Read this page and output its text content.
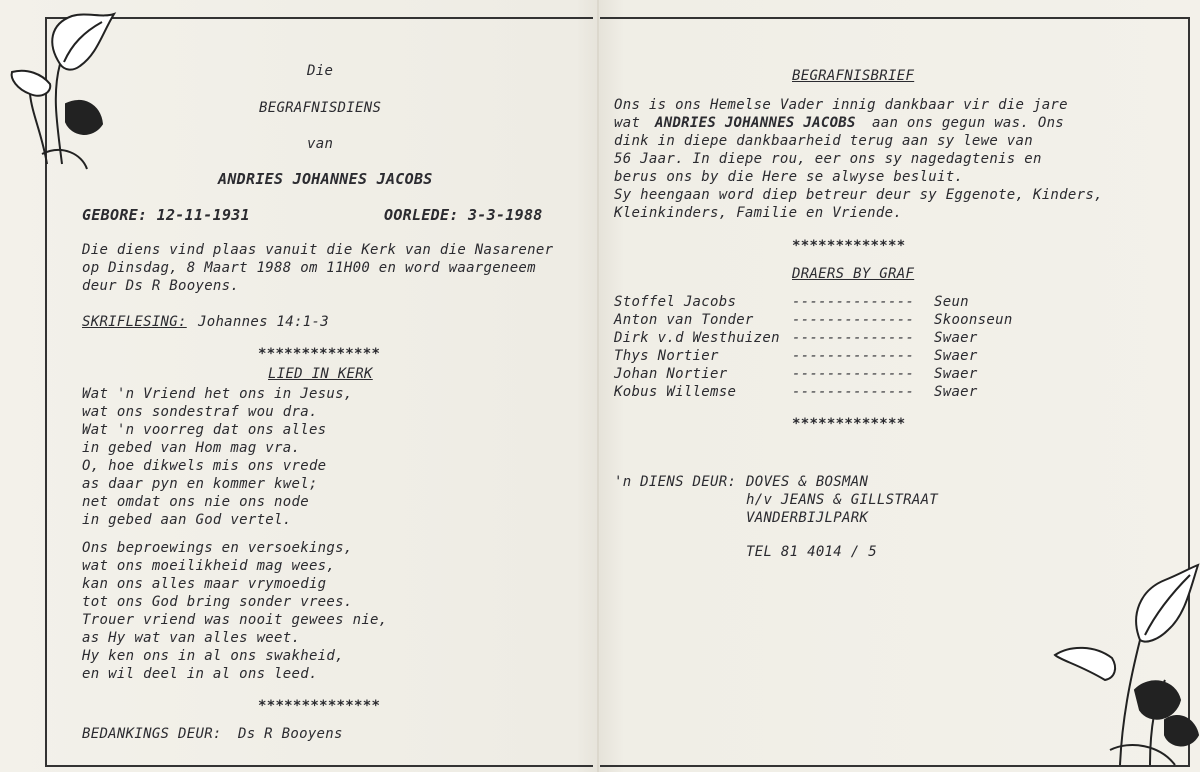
Die
BEGRAFNISDIENS
van
ANDRIES JOHANNES JACOBS
GEBORE: 12-11-1931	OORLEDE: 3-3-1988
Die diens vind plaas vanuit die Kerk van die Nasarener
op Dinsdag, 8 Maart 1988 om 11H00 en word waargeneem
deur Ds R Booyens.
SKRIFLESING: Johannes 14:1-3
**************
LIED IN KERK
Wat 'n Vriend het ons in Jesus,
wat ons sondestraf wou dra.
Wat 'n voorreg dat ons alles
in gebed van Hom mag vra.
O, hoe dikwels mis ons vrede
as daar pyn en kommer kwel;
net omdat ons nie ons node
in gebed aan God vertel.
Ons beproewings en versoekings,
wat ons moeilikheid mag wees,
kan ons alles maar vrymoedig
tot ons God bring sonder vrees.
Trouer vriend was nooit gewees nie,
as Hy wat van alles weet.
Hy ken ons in al ons swakheid,
en wil deel in al ons leed.
**************
BEDANKINGS DEUR: Ds R Booyens
BEGRAFNISBRIEF
Ons is ons Hemelse Vader innig dankbaar vir die jare
wat ANDRIES JOHANNES JACOBS aan ons gegun was. Ons
dink in diepe dankbaarheid terug aan sy lewe van
56 Jaar. In diepe rou, eer ons sy nagedagtenis en
berus ons by die Here se alwyse besluit.
Sy heengaan word diep betreur deur sy Eggenote, Kinders,
Kleinkinders, Familie en Vriende.
*************
DRAERS BY GRAF
Stoffel Jacobs	-------------- Seun
Anton van Tonder	-------------- Skoonseun
Dirk v.d Westhuizen -------------- Swaer
Thys Nortier	-------------- Swaer
Johan Nortier	-------------- Swaer
Kobus Willemse	-------------- Swaer
*************
'n DIENS DEUR: DOVES & BOSMAN
h/v JEANS & GILLSTRAAT
VANDERBIJLPARK
TEL 81 4014 / 5
